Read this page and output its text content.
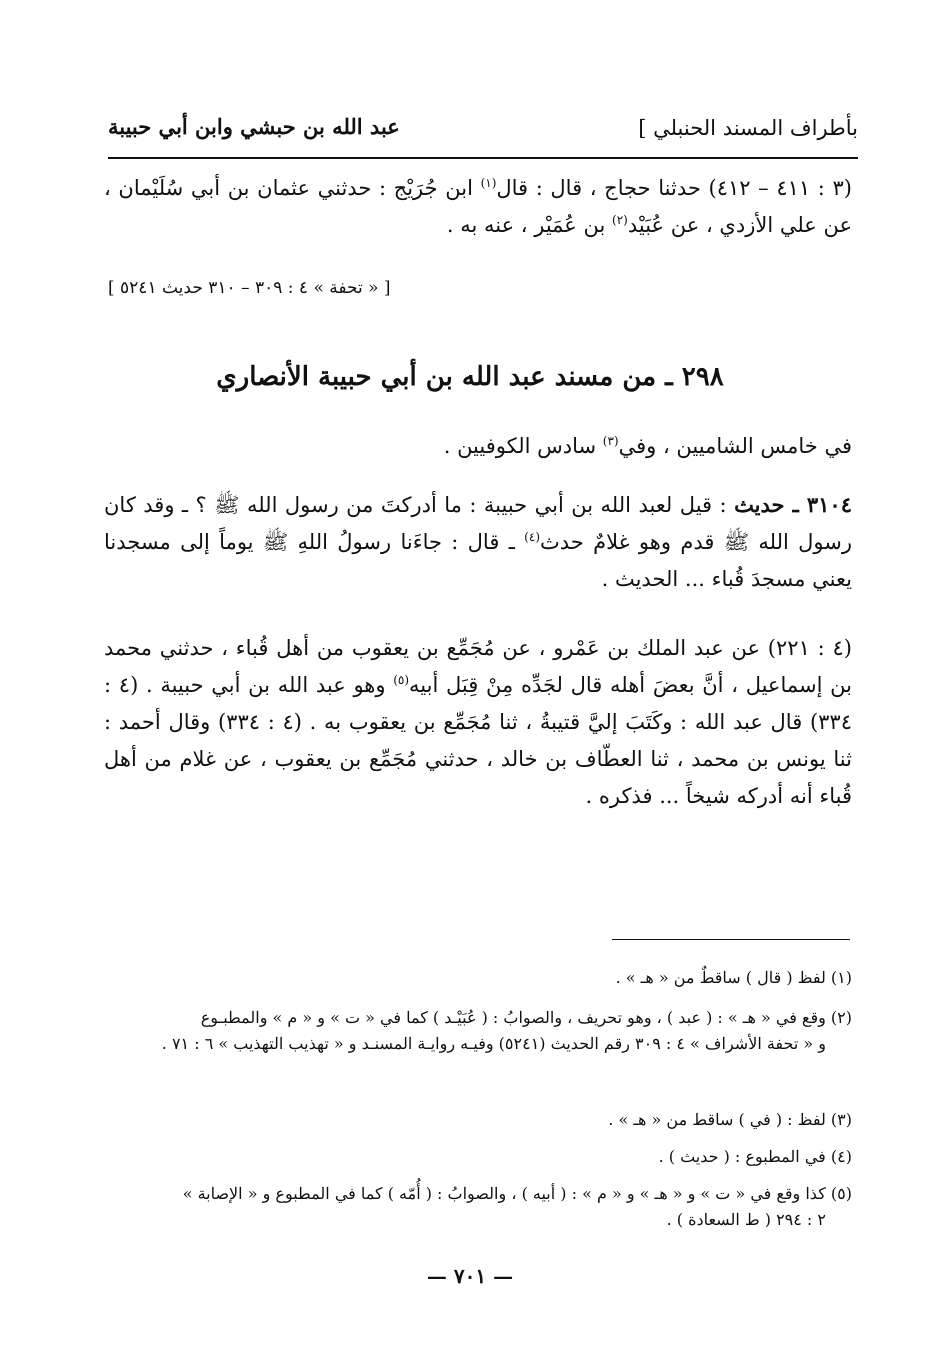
بأطراف المسند الحنبلي ]
عبد الله بن حبشي وابن أبي حبيبة
(٣ : ٤١١ – ٤١٢) حدثنا حجاج ، قال : قال$^{(١)}$ ابن جُرَيْج : حدثني عثمان بن أبي سُلَيْمان ، عن علي الأزدي ، عن عُبَيْد$^{(٢)}$ بن عُمَيْر ، عنه به .
[ « تحفة » ٤ : ٣٠٩ – ٣١٠ حديث ٥٢٤١ ]
٢٩٨ ـ من مسند عبد الله بن أبي حبيبة الأنصاري
في خامس الشاميين ، وفي$^{(٣)}$ سادس الكوفيين .
٣١٠٤ ـ حديث : قيل لعبد الله بن أبي حبيبة : ما أدركتَ من رسول الله ﷺ ؟ ـ وقد كان رسول الله ﷺ قدم وهو غلامٌ حدث$^{(٤)}$ ـ قال : جاءَنا رسولُ اللهِ ﷺ يوماً إلى مسجدنا يعني مسجدَ قُباء ... الحديث .
(٤ : ٢٢١) عن عبد الملك بن عَمْرو ، عن مُجَمِّع بن يعقوب من أهل قُباء ، حدثني محمد بن إسماعيل ، أنَّ بعضَ أهله قال لجَدِّه مِنْ قِبَل أبيه$^{(٥)}$ وهو عبد الله بن أبي حبيبة . (٤ : ٣٣٤) قال عبد الله : وكَتَبَ إليَّ قتيبةُ ، ثنا مُجَمِّع بن يعقوب به . (٤ : ٣٣٤) وقال أحمد : ثنا يونس بن محمد ، ثنا العطّاف بن خالد ، حدثني مُجَمِّع بن يعقوب ، عن غلام من أهل قُباء أنه أدركه شيخاً ... فذكره .
(١) لفظ ( قال ) ساقطٌ من « هـ » .
(٢) وقع في « هـ » : ( عبد ) ، وهو تحريف ، والصوابُ : ( عُبَيْـد ) كما في « ت » و « م » والمطبـوع
و « تحفة الأشراف » ٤ : ٣٠٩ رقم الحديث (٥٢٤١) وفيـه روايـة المسنـد و « تهذيب التهذيب » ٦ : ٧١ .
(٣) لفظ : ( في ) ساقط من « هـ » .
(٤) في المطبوع : ( حديث ) .
(٥) كذا وقع في « ت » و « هـ » و « م » : ( أبيه ) ، والصوابُ : ( أُمّه ) كما في المطبوع و « الإصابة »
٢ : ٢٩٤ ( ط السعادة ) .
— ٧٠١ —
